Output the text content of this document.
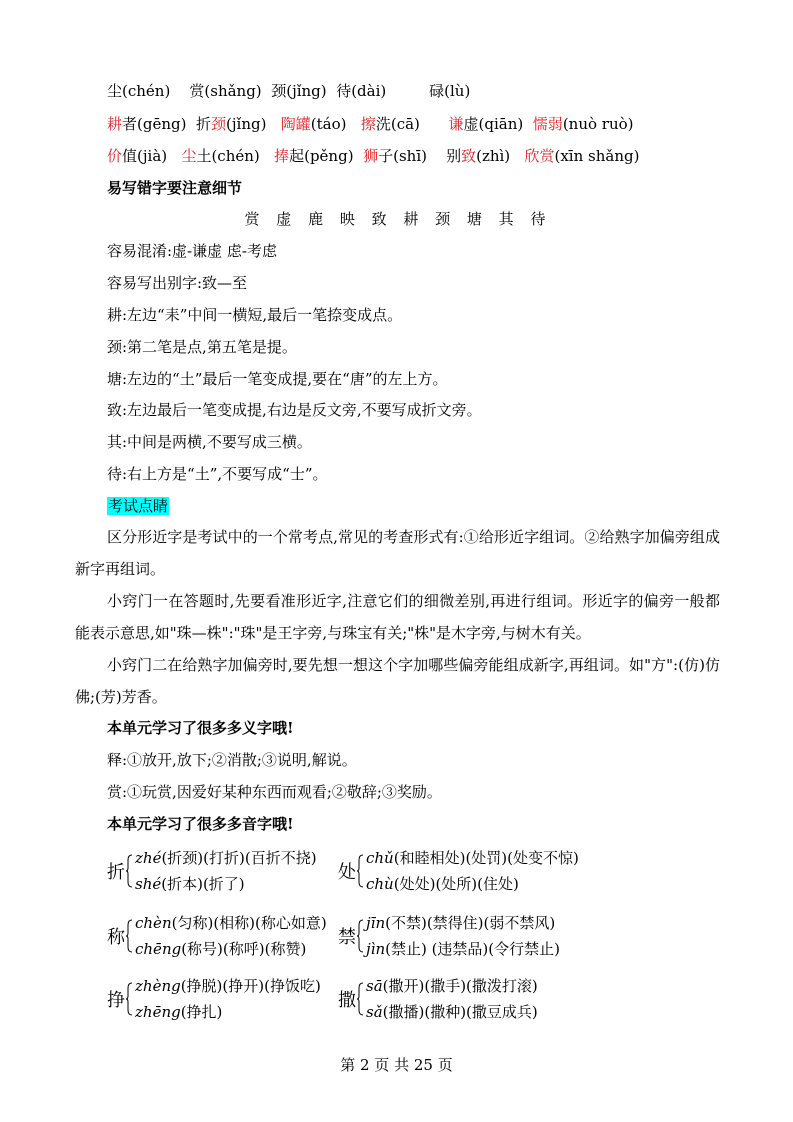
尘(chén) 赏(shǎng) 颈(jǐng) 待(dài)	碌(lù)
耕者(gēng) 折颈(jǐng) 陶罐(táo) 擦洗(cā) 谦虚(qiān) 懦弱(nuò ruò)
价值(jià) 尘土(chén) 捧起(pěng) 狮子(shī) 别致(zhì) 欣赏(xīn shǎng)
易写错字要注意细节
赏 虚 鹿 映 致 耕 颈 塘 其 待
容易混淆:虚-谦虚 虑-考虑
容易写出别字:致—至
耕:左边“耒”中间一横短,最后一笔捺变成点。
颈:第二笔是点,第五笔是提。
塘:左边的“土”最后一笔变成提,要在“唐”的左上方。
致:左边最后一笔变成提,右边是反文旁,不要写成折文旁。
其:中间是两横,不要写成三横。
待:右上方是“土”,不要写成“士”。
考试点睛
区分形近字是考试中的一个常考点,常见的考查形式有:①给形近字组词。②给熟字加偏旁组成新字再组词。
小窍门一在答题时,先要看准形近字,注意它们的细微差别,再进行组词。形近字的偏旁一般都能表示意思,如"珠—株":"珠"是王字旁,与珠宝有关;"株"是木字旁,与树木有关。
小窍门二在给熟字加偏旁时,要先想一想这个字加哪些偏旁能组成新字,再组词。如"方":(仿)仿佛;(芳)芳香。
本单元学习了很多多义字哦!
释:①放开,放下;②消散;③说明,解说。
赏:①玩赏,因爱好某种东西而观看;②敬辞;③奖励。
本单元学习了很多多音字哦!
折
zhé(折颈)(打折)(百折不挠)
shé(折本)(折了)
处
chǔ(和睦相处)(处罚)(处变不惊)
chù(处处)(处所)(住处)
称
chèn(匀称)(相称)(称心如意)
chēng(称号)(称呼)(称赞)
禁
jīn(不禁)(禁得住)(弱不禁风)
jìn(禁止) (违禁品)(令行禁止)
挣
zhèng(挣脱)(挣开)(挣饭吃)
zhēng(挣扎)
撒
sā(撒开)(撒手)(撒泼打滚)
sǎ(撒播)(撒种)(撒豆成兵)
第 2 页 共 25 页
